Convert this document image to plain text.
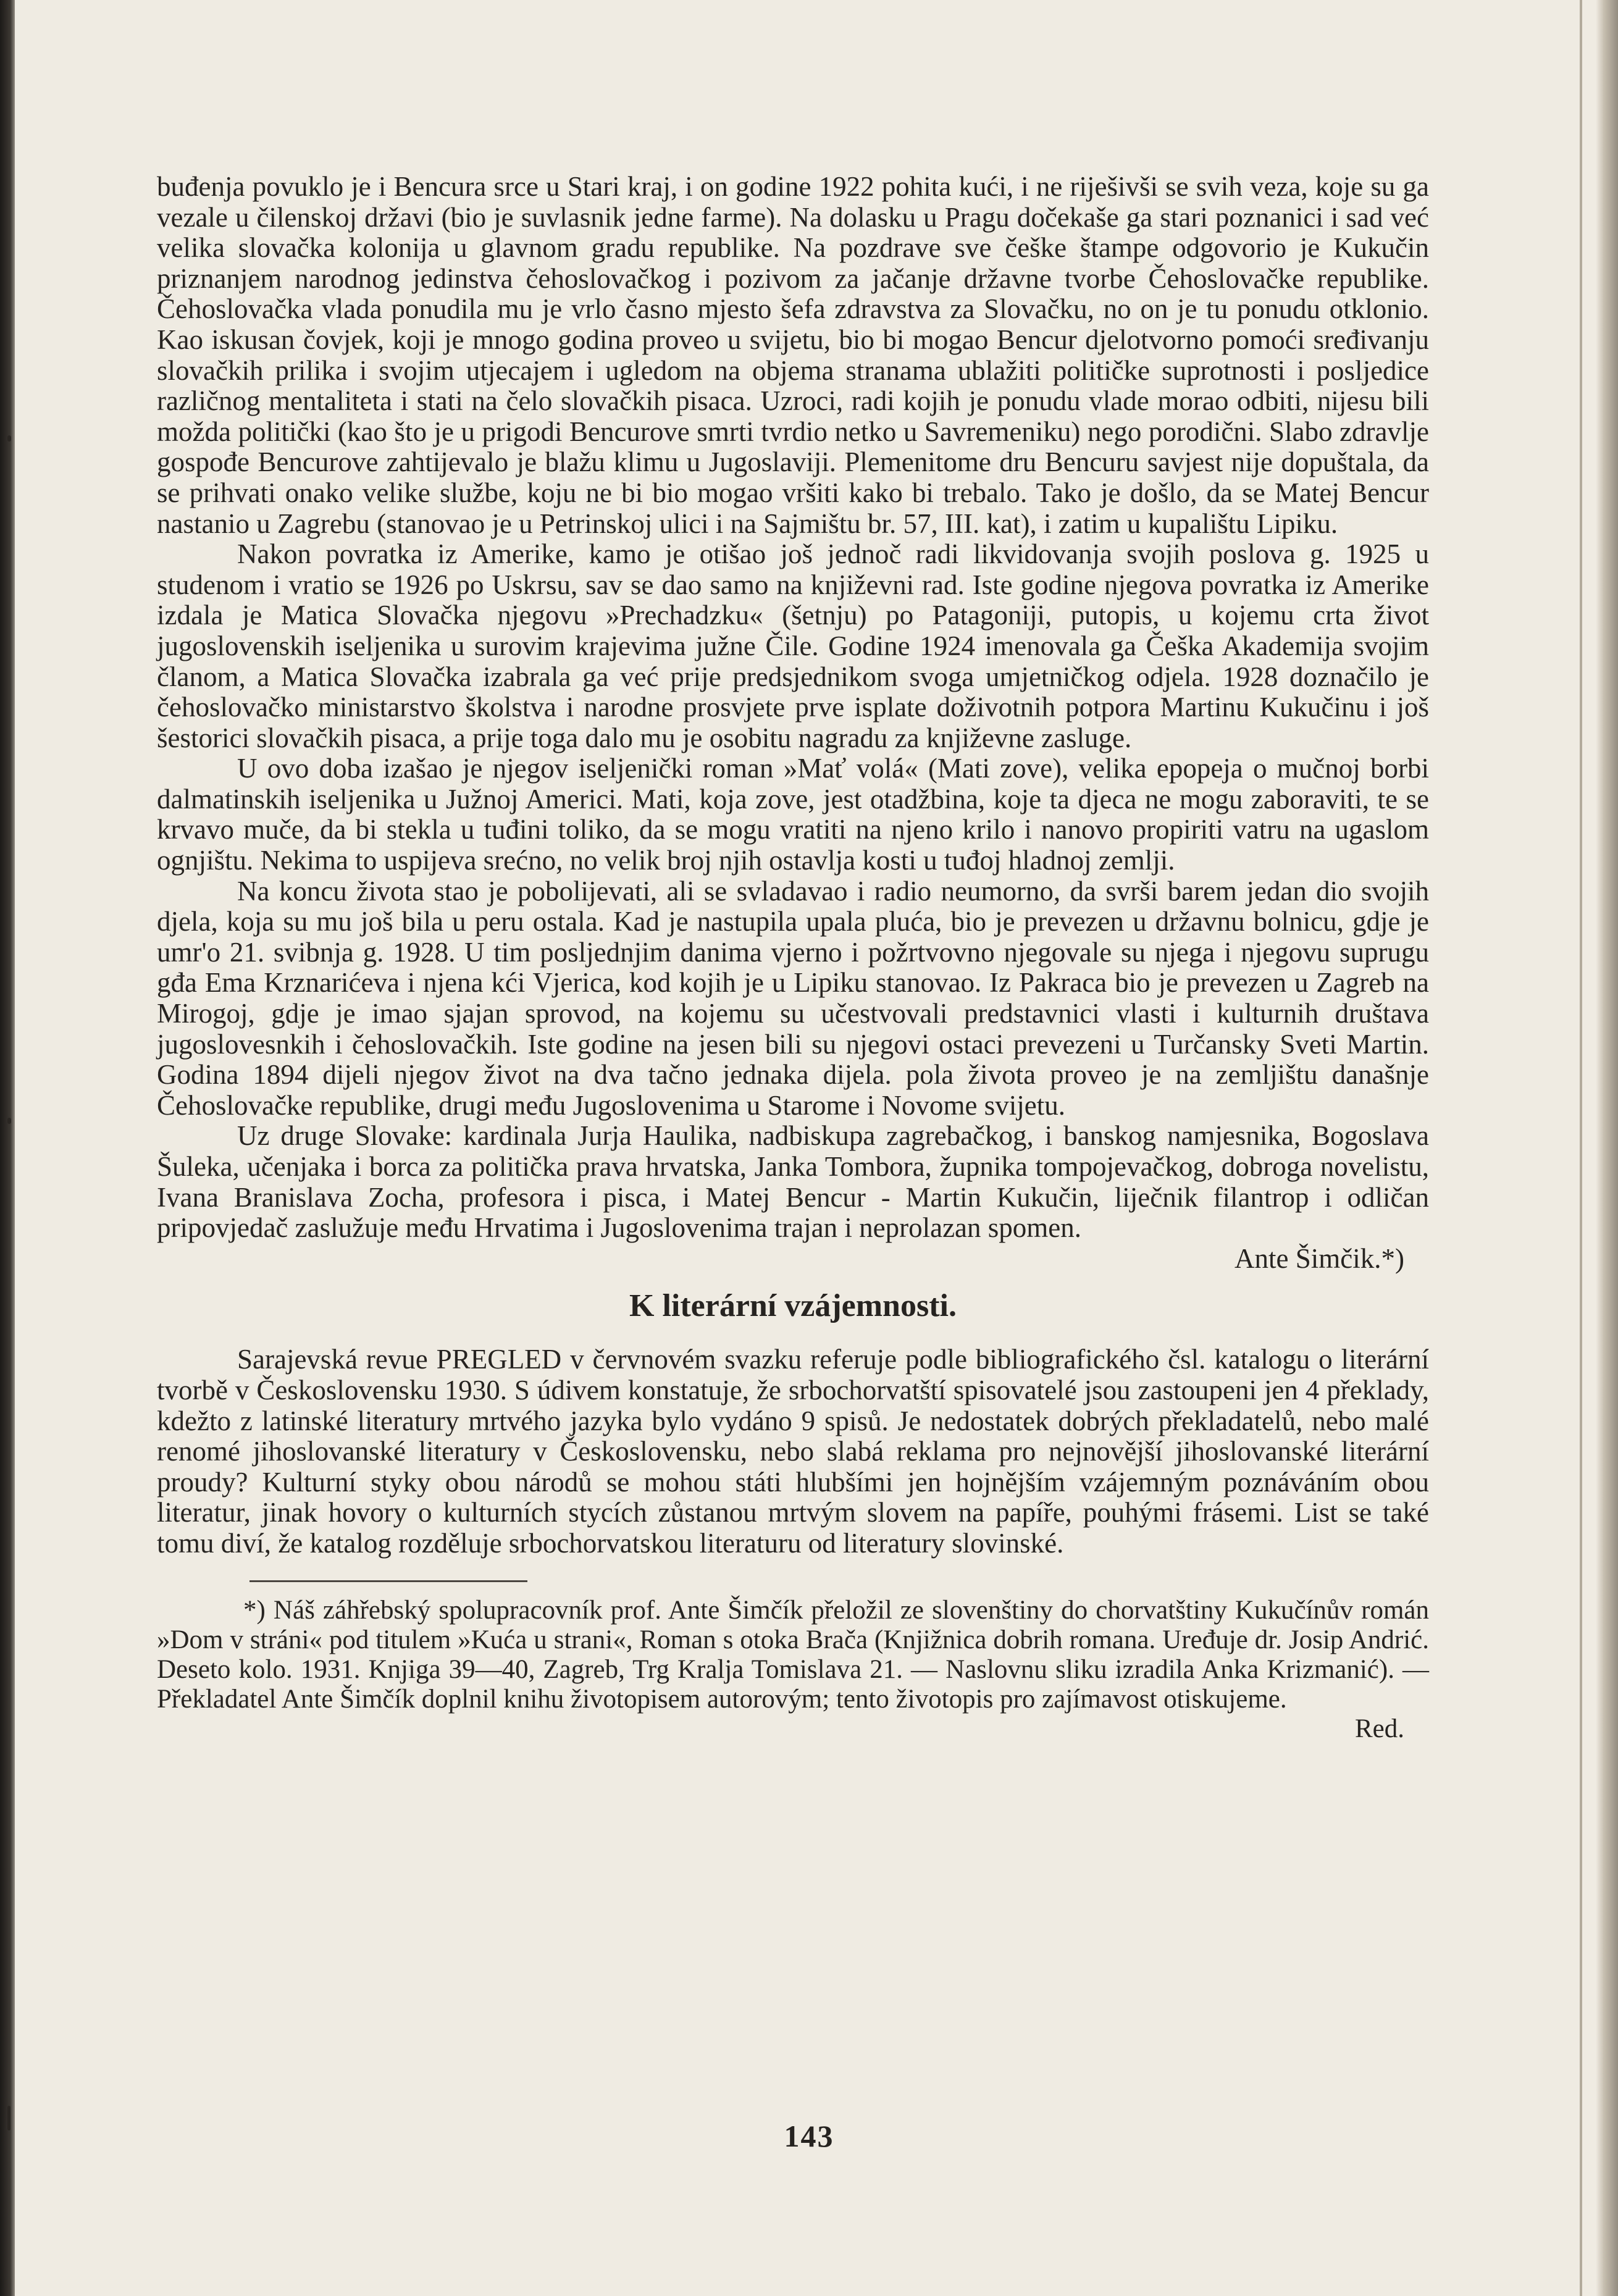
buđenja povuklo je i Bencura srce u Stari kraj, i on godine 1922 pohita kući, i ne riješivši se svih veza, koje su ga vezale u čilenskoj državi (bio je suvlasnik jedne farme). Na dolasku u Pragu dočekaše ga stari poznanici i sad već velika slovačka kolonija u glavnom gradu republike. Na pozdrave sve češke štampe odgovorio je Kukučin priznanjem narodnog jedinstva čehoslovačkog i pozivom za jačanje državne tvorbe Čehoslovačke republike. Čehoslovačka vlada ponudila mu je vrlo časno mjesto šefa zdravstva za Slovačku, no on je tu ponudu otklonio. Kao iskusan čovjek, koji je mnogo godina proveo u svijetu, bio bi mogao Bencur djelotvorno pomoći sređivanju slovačkih prilika i svojim utjecajem i ugledom na objema stranama ublažiti političke suprotnosti i posljedice različnog mentaliteta i stati na čelo slovačkih pisaca. Uzroci, radi kojih je ponudu vlade morao odbiti, nijesu bili možda politički (kao što je u prigodi Bencurove smrti tvrdio netko u Savremeniku) nego porodični. Slabo zdravlje gospođe Bencurove zahtijevalo je blažu klimu u Jugoslaviji. Plemenitome dru Bencuru savjest nije dopuštala, da se prihvati onako velike službe, koju ne bi bio mogao vršiti kako bi trebalo. Tako je došlo, da se Matej Bencur nastanio u Zagrebu (stanovao je u Petrinskoj ulici i na Sajmištu br. 57, III. kat), i zatim u kupalištu Lipiku.

Nakon povratka iz Amerike, kamo je otišao još jednoč radi likvidovanja svojih poslova g. 1925 u studenom i vratio se 1926 po Uskrsu, sav se dao samo na književni rad. Iste godine njegova povratka iz Amerike izdala je Matica Slovačka njegovu »Prechadzku« (šetnju) po Patagoniji, putopis, u kojemu crta život jugoslovenskih iseljenika u surovim krajevima južne Čile. Godine 1924 imenovala ga Češka Akademija svojim članom, a Matica Slovačka izabrala ga već prije predsjednikom svoga umjetničkog odjela. 1928 doznačilo je čehoslovačko ministarstvo školstva i narodne prosvjete prve isplate doživotnih potpora Martinu Kukučinu i još šestorici slovačkih pisaca, a prije toga dalo mu je osobitu nagradu za književne zasluge.

U ovo doba izašao je njegov iseljenički roman »Mať volá« (Mati zove), velika epopeja o mučnoj borbi dalmatinskih iseljenika u Južnoj Americi. Mati, koja zove, jest otadžbina, koje ta djeca ne mogu zaboraviti, te se krvavo muče, da bi stekla u tuđini toliko, da se mogu vratiti na njeno krilo i nanovo propiriti vatru na ugaslom ognjištu. Nekima to uspijeva srećno, no velik broj njih ostavlja kosti u tuđoj hladnoj zemlji.

Na koncu života stao je pobolijevati, ali se svladavao i radio neumorno, da svrši barem jedan dio svojih djela, koja su mu još bila u peru ostala. Kad je nastupila upala pluća, bio je prevezen u državnu bolnicu, gdje je umr'o 21. svibnja g. 1928. U tim posljednjim danima vjerno i požrtvovno njegovale su njega i njegovu suprugu gđa Ema Krznarićeva i njena kći Vjerica, kod kojih je u Lipiku stanovao. Iz Pakraca bio je prevezen u Zagreb na Mirogoj, gdje je imao sjajan sprovod, na kojemu su učestvovali predstavnici vlasti i kulturnih društava jugoslovesnkih i čehoslovačkih. Iste godine na jesen bili su njegovi ostaci prevezeni u Turčansky Sveti Martin. Godina 1894 dijeli njegov život na dva tačno jednaka dijela. pola života proveo je na zemljištu današnje Čehoslovačke republike, drugi među Jugoslovenima u Starome i Novome svijetu.

Uz druge Slovake: kardinala Jurja Haulika, nadbiskupa zagrebačkog, i banskog namjesnika, Bogoslava Šuleka, učenjaka i borca za politička prava hrvatska, Janka Tombora, župnika tompojevačkog, dobroga novelistu, Ivana Branislava Zocha, profesora i pisca, i Matej Bencur - Martin Kukučin, liječnik filantrop i odličan pripovjedač zaslužuje među Hrvatima i Jugoslovenima trajan i neprolazan spomen.

Ante Šimčik.*)
K literární vzájemnosti.

Sarajevská revue PREGLED v červnovém svazku referuje podle bibliografického čsl. katalogu o literární tvorbě v Československu 1930. S údivem konstatuje, že srbochorvatští spisovatelé jsou zastoupeni jen 4 překlady, kdežto z latinské literatury mrtvého jazyka bylo vydáno 9 spisů. Je nedostatek dobrých překladatelů, nebo malé renomé jihoslovanské literatury v Československu, nebo slabá reklama pro nejnovější jihoslovanské literární proudy? Kulturní styky obou národů se mohou státi hlubšími jen hojnějším vzájemným poznáváním obou literatur, jinak hovory o kulturních stycích zůstanou mrtvým slovem na papíře, pouhými frásemi. List se také tomu diví, že katalog rozděluje srbochorvatskou literaturu od literatury slovinské.

*) Náš záhřebský spolupracovník prof. Ante Šimčík přeložil ze slovenštiny do chorvatštiny Kukučínův román »Dom v stráni« pod titulem »Kuća u strani«, Roman s otoka Brača (Knjižnica dobrih romana. Uređuje dr. Josip Andrić. Deseto kolo. 1931. Knjiga 39—40, Zagreb, Trg Kralja Tomislava 21. — Naslovnu sliku izradila Anka Krizmanić). — Překladatel Ante Šimčík doplnil knihu životopisem autorovým; tento životopis pro zajímavost otiskujeme.
Red.

143
